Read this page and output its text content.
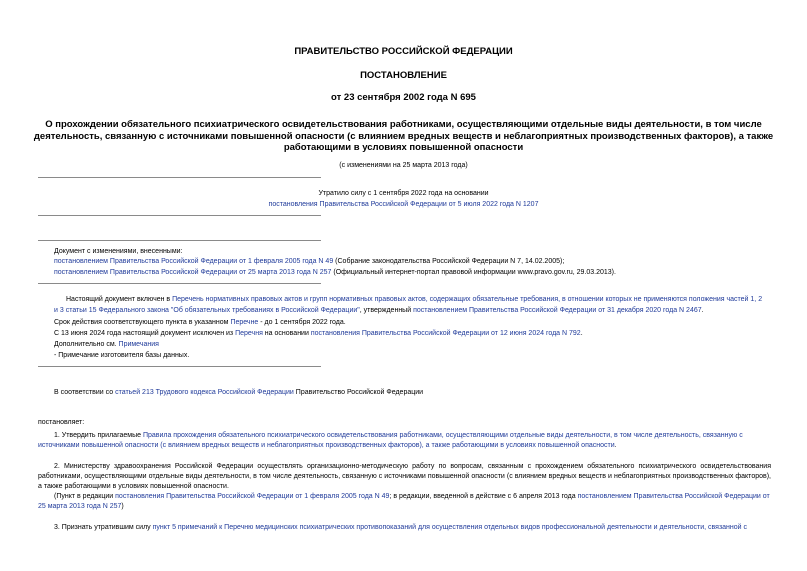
ПРАВИТЕЛЬСТВО РОССИЙСКОЙ ФЕДЕРАЦИИ
ПОСТАНОВЛЕНИЕ
от 23 сентября 2002 года N 695
О прохождении обязательного психиатрического освидетельствования работниками, осуществляющими отдельные виды деятельности, в том числе
деятельность, связанную с источниками повышенной опасности (с влиянием вредных веществ и неблагоприятных производственных факторов), а также
работающими в условиях повышенной опасности
(с изменениями на 25 марта 2013 года)
Утратило силу с 1 сентября 2022 года на основании
постановления Правительства Российской Федерации от 5 июля 2022 года N 1207
Документ с изменениями, внесенными:
постановлением Правительства Российской Федерации от 1 февраля 2005 года N 49 (Собрание законодательства Российской Федерации N 7, 14.02.2005);
постановлением Правительства Российской Федерации от 25 марта 2013 года N 257 (Официальный интернет-портал правовой информации www.pravo.gov.ru, 29.03.2013).
Настоящий документ включен в Перечень нормативных правовых актов и групп нормативных правовых актов, содержащих обязательные требования, в отношении которых не применяются положения частей 1, 2
и 3 статьи 15 Федерального закона "Об обязательных требованиях в Российской Федерации", утвержденный постановлением Правительства Российской Федерации от 31 декабря 2020 года N 2467.
Срок действия соответствующего пункта в указанном Перечне - до 1 сентября 2022 года.
С 13 июня 2024 года настоящий документ исключен из Перечня на основании постановления Правительства Российской Федерации от 12 июня 2024 года N 792.
Дополнительно см. Примечания
- Примечание изготовителя базы данных.
В соответствии со статьей 213 Трудового кодекса Российской Федерации Правительство Российской Федерации
постановляет:
1. Утвердить прилагаемые Правила прохождения обязательного психиатрического освидетельствования работниками, осуществляющими отдельные виды деятельности, в том числе деятельность, связанную с источниками повышенной опасности (с влиянием вредных веществ и неблагоприятных производственных факторов), а также работающими в условиях повышенной опасности.
2. Министерству здравоохранения Российской Федерации осуществлять организационно-методическую работу по вопросам, связанным с прохождением обязательного психиатрического освидетельствования работниками, осуществляющими отдельные виды деятельности, в том числе деятельность, связанную с источниками повышенной опасности (с влиянием вредных веществ и неблагоприятных производственных факторов), а также работающими в условиях повышенной опасности.
(Пункт в редакции постановления Правительства Российской Федерации от 1 февраля 2005 года N 49; в редакции, введенной в действие с 6 апреля 2013 года постановлением Правительства Российской Федерации от 25 марта 2013 года N 257)
3. Признать утратившим силу пункт 5 примечаний к Перечню медицинских психиатрических противопоказаний для осуществления отдельных видов профессиональной деятельности и деятельности, связанной с
